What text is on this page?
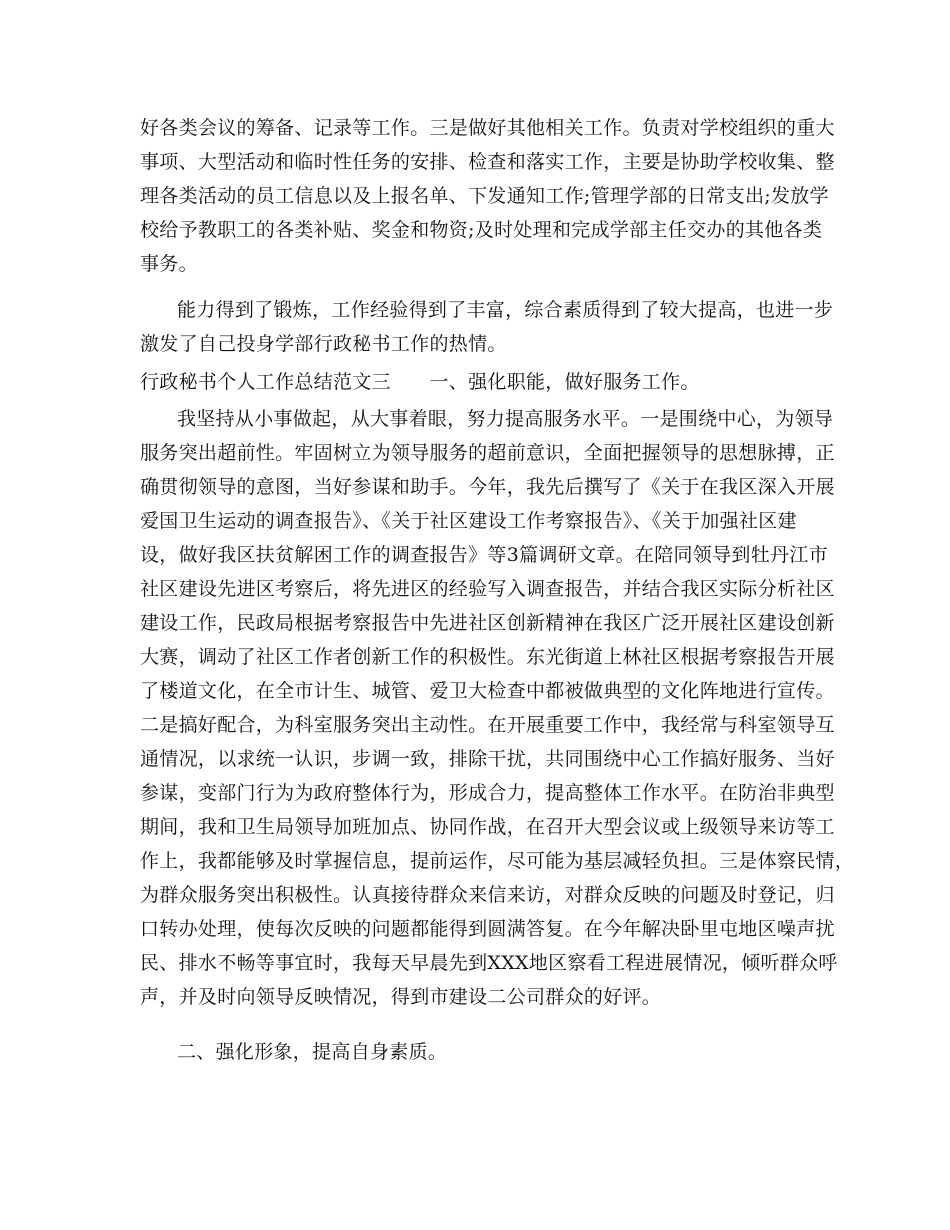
好各类会议的筹备、记录等工作。三是做好其他相关工作。负责对学校组织的重大
事项、大型活动和临时性任务的安排、检查和落实工作，主要是协助学校收集、整
理各类活动的员工信息以及上报名单、下发通知工作;管理学部的日常支出;发放学
校给予教职工的各类补贴、奖金和物资;及时处理和完成学部主任交办的其他各类
事务。
能力得到了锻炼，工作经验得到了丰富，综合素质得到了较大提高，也进一步
激发了自己投身学部行政秘书工作的热情。
行政秘书个人工作总结范文三　　一、强化职能，做好服务工作。
我坚持从小事做起，从大事着眼，努力提高服务水平。一是围绕中心，为领导
服务突出超前性。牢固树立为领导服务的超前意识，全面把握领导的思想脉搏，正
确贯彻领导的意图，当好参谋和助手。今年，我先后撰写了《关于在我区深入开展
爱国卫生运动的调查报告》、《关于社区建设工作考察报告》、《关于加强社区建
设，做好我区扶贫解困工作的调查报告》等3篇调研文章。在陪同领导到牡丹江市
社区建设先进区考察后，将先进区的经验写入调查报告，并结合我区实际分析社区
建设工作，民政局根据考察报告中先进社区创新精神在我区广泛开展社区建设创新
大赛，调动了社区工作者创新工作的积极性。东光街道上林社区根据考察报告开展
了楼道文化，在全市计生、城管、爱卫大检查中都被做典型的文化阵地进行宣传。
二是搞好配合，为科室服务突出主动性。在开展重要工作中，我经常与科室领导互
通情况，以求统一认识，步调一致，排除干扰，共同围绕中心工作搞好服务、当好
参谋，变部门行为为政府整体行为，形成合力，提高整体工作水平。在防治非典型
期间，我和卫生局领导加班加点、协同作战，在召开大型会议或上级领导来访等工
作上，我都能够及时掌握信息，提前运作，尽可能为基层减轻负担。三是体察民情，
为群众服务突出积极性。认真接待群众来信来访，对群众反映的问题及时登记，归
口转办处理，使每次反映的问题都能得到圆满答复。在今年解决卧里屯地区噪声扰
民、排水不畅等事宜时，我每天早晨先到XXX地区察看工程进展情况，倾听群众呼
声，并及时向领导反映情况，得到市建设二公司群众的好评。
二、强化形象，提高自身素质。
